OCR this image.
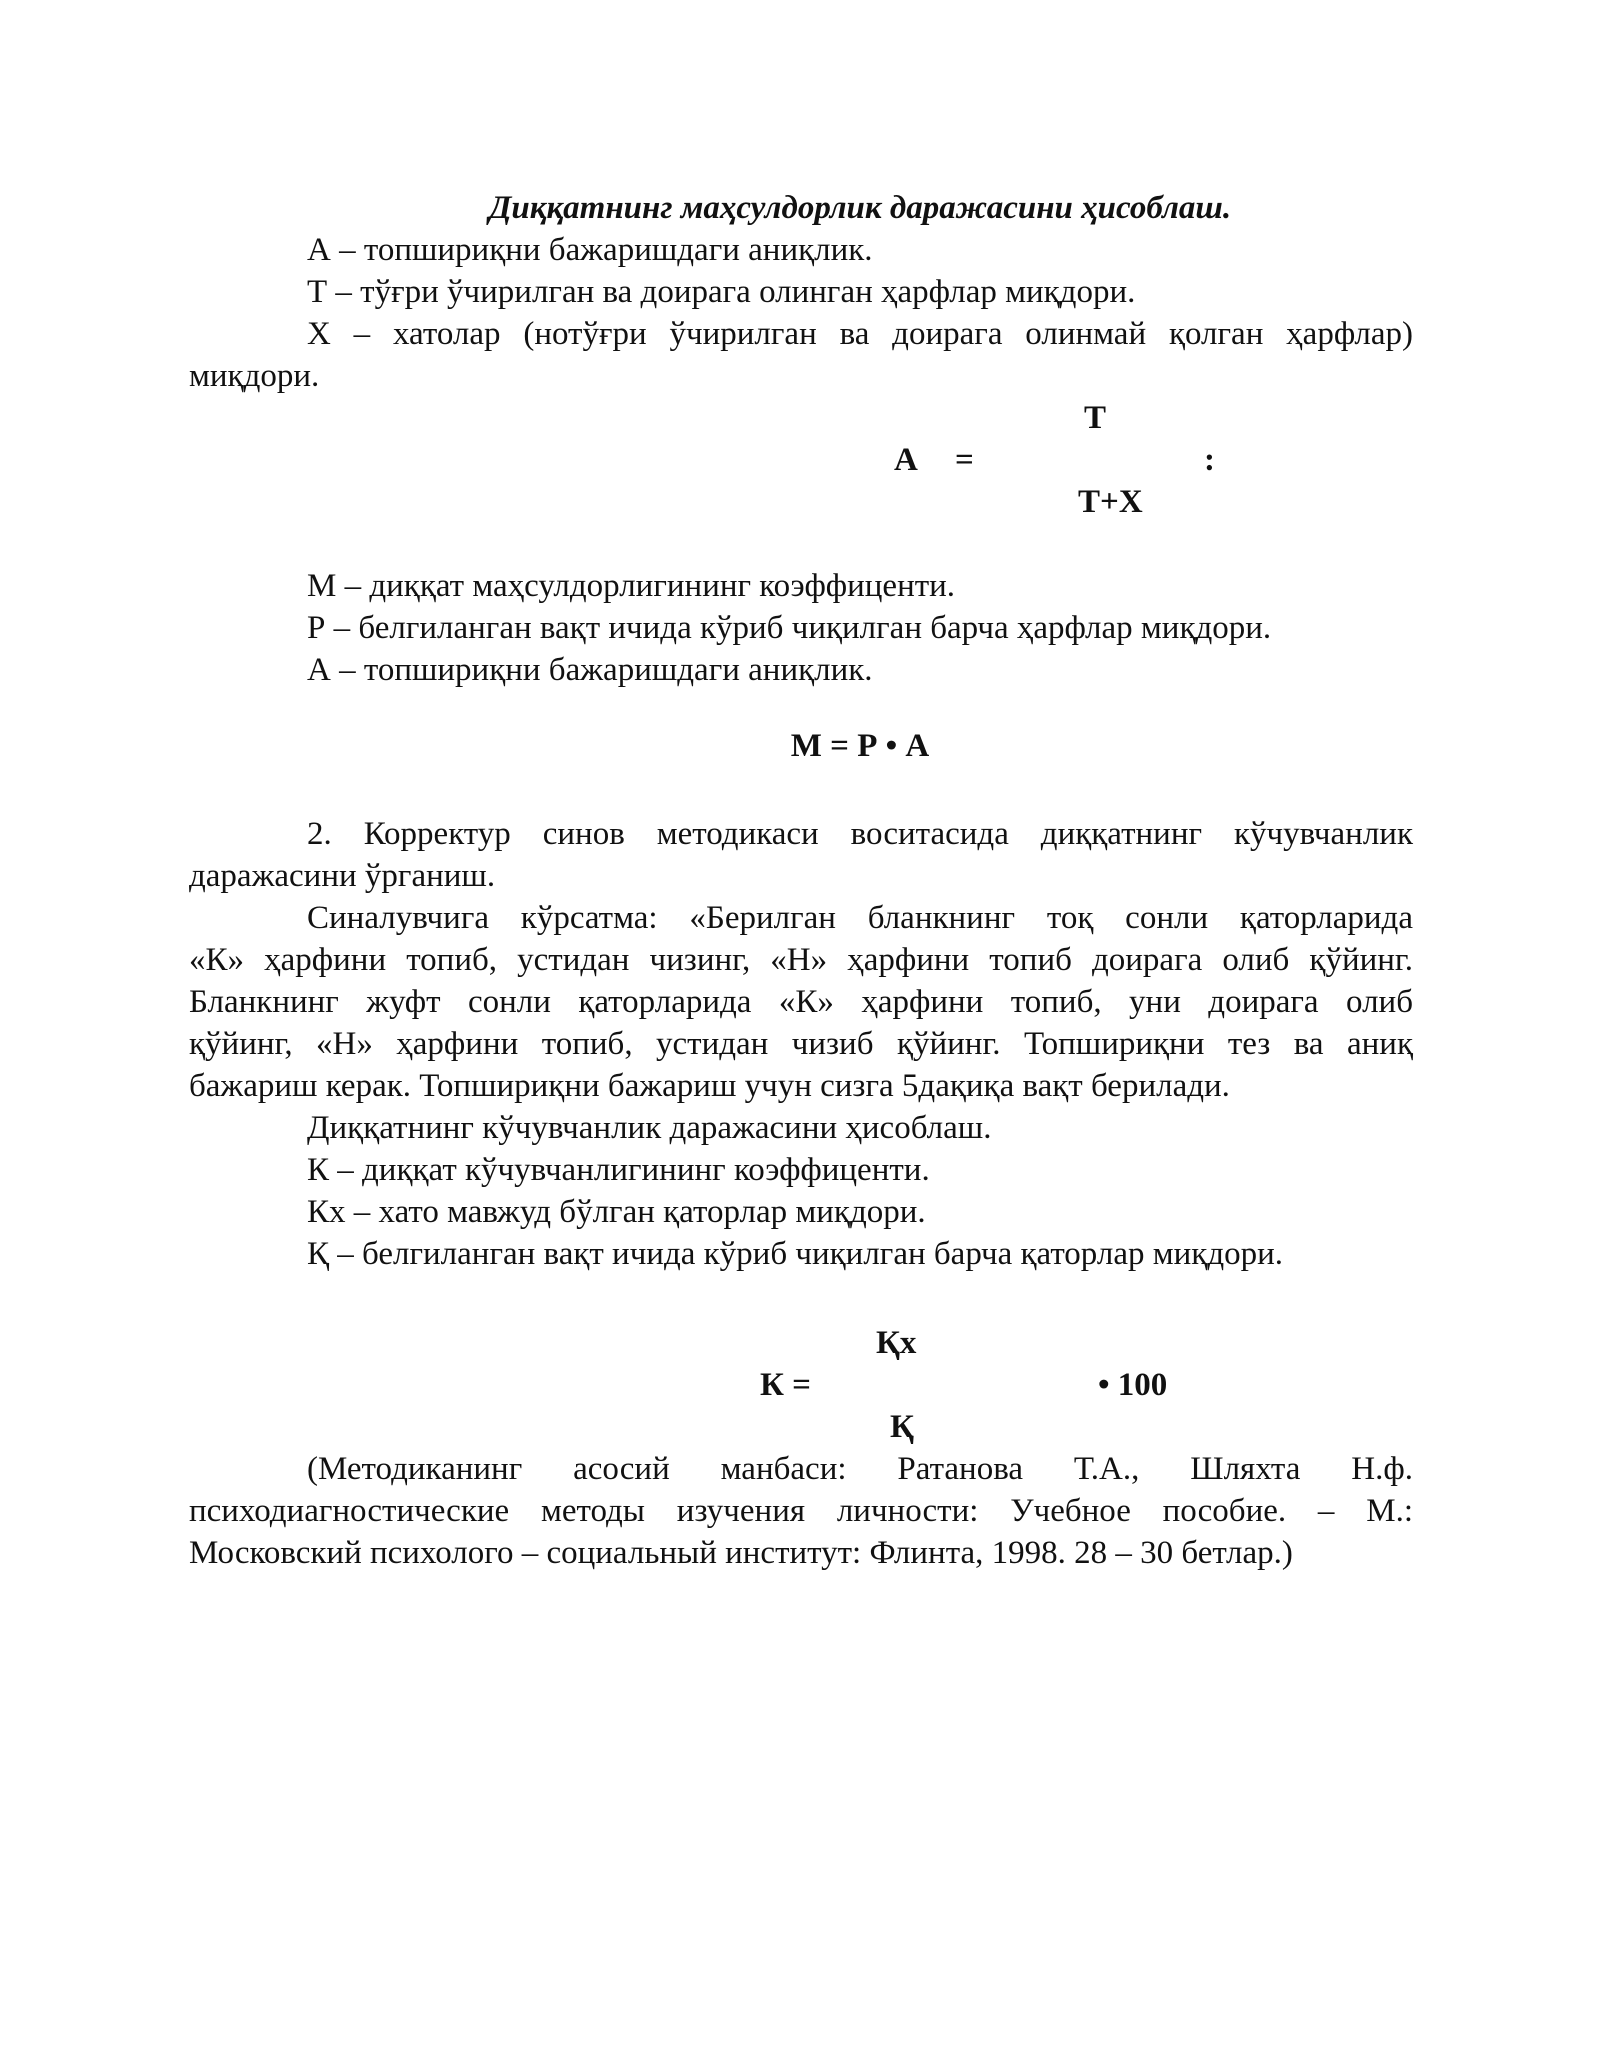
Диққатнинг маҳсулдорлик даражасини ҳисоблаш.
А – топшириқни бажаришдаги аниқлик.
Т – тўғри ўчирилган ва доирага олинган ҳарфлар миқдори.
Х – хатолар (нотўғри ўчирилган ва доирага олинмай қолган ҳарфлар)
миқдори.
Т
А =	:
Т+Х
М – диққат маҳсулдорлигининг коэффиценти.
Р – белгиланган вақт ичида кўриб чиқилган барча ҳарфлар миқдори.
А – топшириқни бажаришдаги аниқлик.
М = Р • А
2. Корректур синов методикаси воситасида диққатнинг кўчувчанлик
даражасини ўрганиш.
Синалувчига кўрсатма: «Берилган бланкнинг тоқ сонли қаторларида
«К» ҳарфини топиб, устидан чизинг, «Н» ҳарфини топиб доирага олиб қўйинг.
Бланкнинг жуфт сонли қаторларида «К» ҳарфини топиб, уни доирага олиб
қўйинг, «Н» ҳарфини топиб, устидан чизиб қўйинг. Топшириқни тез ва аниқ
бажариш керак. Топшириқни бажариш учун сизга 5дақиқа вақт берилади.
Диққатнинг кўчувчанлик даражасини ҳисоблаш.
К – диққат кўчувчанлигининг коэффиценти.
Кх – хато мавжуд бўлган қаторлар миқдори.
Қ – белгиланган вақт ичида кўриб чиқилган барча қаторлар миқдори.
Қх
К =	• 100
Қ
(Методиканинг асосий манбаси: Ратанова Т.А., Шляхта Н.ф.
психодиагностические методы изучения личности: Учебное пособие. – М.:
Московский психолого – социальный институт: Флинта, 1998. 28 – 30 бетлар.)
